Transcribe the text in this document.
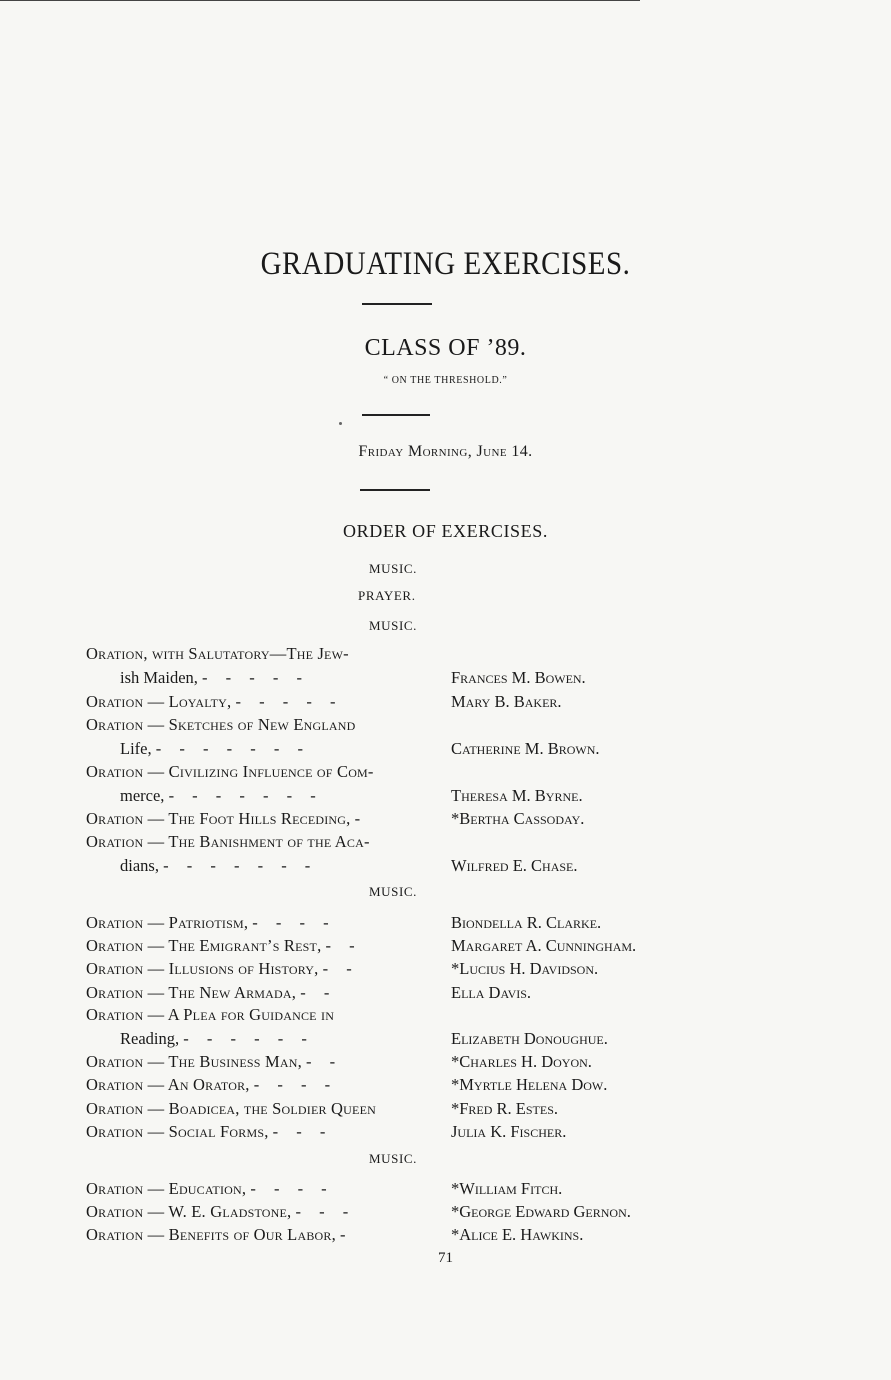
GRADUATING EXERCISES.
CLASS OF ’89.
“ ON THE THRESHOLD.”
Friday Morning, June 14.
ORDER OF EXERCISES.
MUSIC.
PRAYER.
MUSIC.
Oration, with Salutatory—The Jew-
ish Maiden, - - - - -	Frances M. Bowen.
Oration — Loyalty, - - - - -	Mary B. Baker.
Oration — Sketches of New England
Life, - - - - - - -	Catherine M. Brown.
Oration — Civilizing Influence of Com-
merce, - - - - - - -	Theresa M. Byrne.
Oration — The Foot Hills Receding, -	*Bertha Cassoday.
Oration — The Banishment of the Aca-
dians, - - - - - - -	Wilfred E. Chase.
MUSIC.
Oration — Patriotism, - - - -	Biondella R. Clarke.
Oration — The Emigrant’s Rest, - -	Margaret A. Cunningham.
Oration — Illusions of History, - -	*Lucius H. Davidson.
Oration — The New Armada, - -	Ella Davis.
Oration — A Plea for Guidance in
Reading, - - - - - -	Elizabeth Donoughue.
Oration — The Business Man, - -	*Charles H. Doyon.
Oration — An Orator, - - - -	*Myrtle Helena Dow.
Oration — Boadicea, the Soldier Queen	*Fred R. Estes.
Oration — Social Forms, - - -	Julia K. Fischer.
MUSIC.
Oration — Education, - - - -	*William Fitch.
Oration — W. E. Gladstone, - - -	*George Edward Gernon.
Oration — Benefits of Our Labor, -	*Alice E. Hawkins.
71
